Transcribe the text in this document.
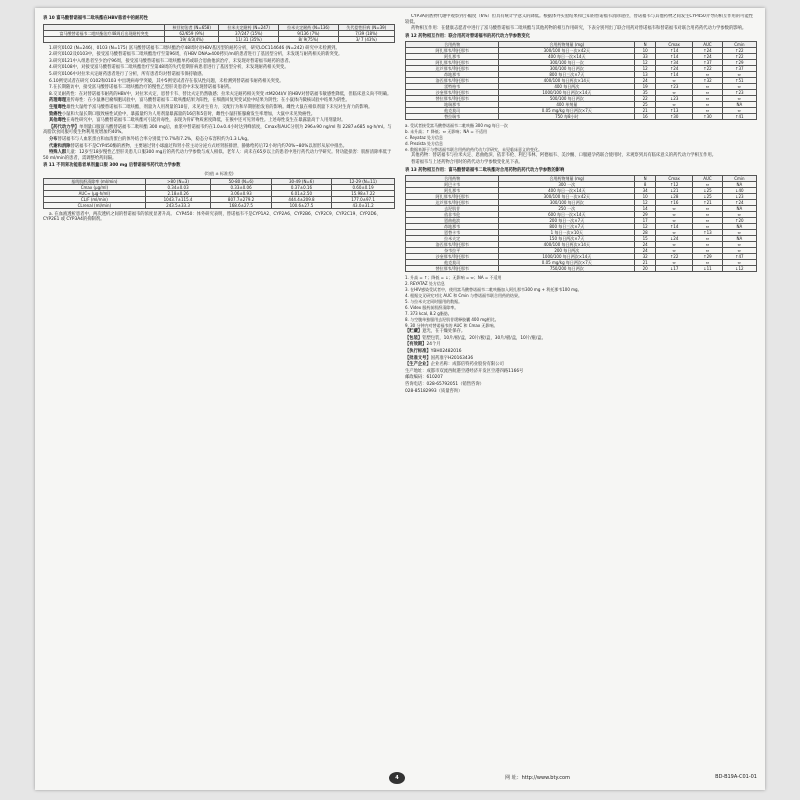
表 10 富马酸替诺福韦二吡呋酯在HBV患者中的耐药性
	核苷初治者 (N=658)	拉米夫定耐药 (N=247)	拉米夫定耐药 (N=136)	失代偿性肝病 (N=39)
富马酸替诺福韦二吡呋酯治疗48周后出现耐药突变	62/659 (9%)	37/247 (15%)	9/136 (7%)	7/39 (18%)
	19/ 4/3(4%)	11/ 31 (35%)	8/ 9(75%)	3/ 7 (43%)
1.研究0102 (N=246)、0103 (N=175) 富马酸替诺福韦二吡呋酯治疗48周时对HBV基因型的耐药分析，研究LOC114646 (N=242) 研究中未检测到。
2.研究0102及0103中，接受富马酸替诺福韦二吡呋酯治疗至第96周，有HBV DNA≥400拷贝/ml的患者进行了基因型分析，未发现与耐药相关的新突变。
3.研究0121中入组患者至少治疗96周，接受富马酸替诺福韦二吡呋酯单药或联合恩曲他滨治疗，未发现对替诺福韦耐药的患者。
4.研究0108中，对接受富马酸替诺福韦二吡呋酯治疗至第48周的失代偿期肝病患者进行了基因型分析，未发现耐药相关突变。
5.研究0106中对拉米夫定耐药患者进行了分析，所有患者均对替诺福韦保持敏感。
6.10例受试者在研究 0102和0103 中出现病毒学突破，其中5例受试者存在依从性问题，未检测到替诺福韦耐药相关突变。
7.在长期随访中，接受富马酸替诺福韦二吡呋酯治疗的慢性乙型肝炎患者中未发现替诺福韦耐药。
8.交叉耐药性：在对替诺福韦耐药的HBV中，对拉米夫定、恩替卡韦、替比夫定仍然敏感；拉米夫定耐药相关突变 rtM204I/V 的HBV对替诺福韦敏感性降低，但临床意义尚不明确。
药理毒理遗传毒性：在小鼠淋巴瘤细胞试验中，富马酸替诺福韦二吡呋酯结果为阳性，在细菌回复突变试验中结果为阴性；在小鼠体内微核试验中结果为阴性。
生殖毒性雄性大鼠给予富马酸替诺福韦二吡呋酯，剂量为人用剂量的10倍，未见对生育力、交配行为和早期胚胎发育的影响。雌性大鼠在相似剂量下未见对生育力的影响。
致癌性小鼠和大鼠长期口服致癌性试验中，暴露量约为人用剂量暴露量的16倍和5倍时，雌性小鼠肝脏腺瘤发生率增加，大鼠中未见致癌性。
其他毒性在毒性研究中，富马酸替诺福韦二吡呋酯可引起骨毒性，表现为骨矿物质密度降低，在猴中还可见肾毒性。上述毒性发生在暴露量高于人用剂量时。
【药代动力学】单剂量口服富马酸替诺福韦二吡呋酯 300 mg后，血浆中替诺福韦约在1.0±0.4小时达到峰浓度，Cmax和AUC分别为 296±90 ng/ml 和 2287±685 ng·h/ml。与高脂饮食同服可使生物利用度增加约40%。
分布替诺福韦与人血浆蛋白和血清蛋白的体外结合率分别低于0.7%和7.2%，稳态分布容积约为1.3 L/kg。
代谢和消除替诺福韦不是CYP450酶的底物，主要通过肾小球滤过和肾小管主动分泌方式经肾脏排泄，静脉给药后72小时内约70%~80%以原形从尿中排出。
特殊人群儿童：12岁至18岁慢性乙型肝炎患儿口服300 mg后的药代动力学参数与成人相似。老年人：尚未在65岁以上的患者中进行药代动力学研究。肾功能损害：肌酐清除率低于50 ml/min的患者，需调整给药间隔。
表 11 不同肾功能患者单剂量口服 300 mg 后替诺福韦药代动力学参数
(均值 ± 标准差)
基线肌酐清除率 (ml/min)	>80 (N=3)	50-80 (N=6)	30-49 (N=6)	12-29 (N=11)
Cmax (μg/ml)	0.34±0.03	0.33±0.06	0.37±0.16	0.60±0.19
AUC∞ (μg·h/ml)	2.18±0.26	3.06±0.93	6.01±2.50	15.98±7.22
CL/F (ml/min)	1043.7±115.4	807.7±279.2	444.4±209.8	177.0±97.1
CLrenal (ml/min)	243.5±33.3	168.6±27.5	100.6±27.5	43.0±31.2
a. 在血液透析患者中，两次透析之间的替诺福韦的浓度显著升高。 CYP450：体外研究表明，替诺福韦不是CYP1A2、CYP2A6、CYP2B6、CYP2C9、CYP2C19、CYP2D6、CYP2E1 或 CYP3A4的抑制剂。
CYP3A的底物代谢中观察到小幅度（6%）但具有统计学意义的降低。根据体外实验结果和已知的替诺福韦消除途径，替诺福韦与其他药物之间发生CYP450介导的相互作用的可能性较低。
药物相互作用：在健康志愿者中进行了富马酸替诺福韦二吡呋酯与其他药物的相互作用研究，下表分别列出了联合用药对替诺福韦和替诺福韦对联合用药药代动力学参数的影响。
表 12 药物相互作用：联合用药对替诺福韦的药代动力学参数变化
合用药物	合用药物剂量 (mg)	N	Cmax	AUC	Cmin
阿扎那韦/利托那韦	300/100 每日一次×42天	10	↑14	↑24	↑22
阿扎那韦	400 每日一次×14天	33	↑14	↑24	↑22
阿扎那韦/利托那韦	300/100 每日一次	12	↑34	↑37	↑29
达芦那韦/利托那韦	300/100 每日两次	12	↑24	↑22	↑37
茚地那韦	800 每日三次×7天	13	↑14	⇔	⇔
洛匹那韦/利托那韦	400/100 每日两次×14天	24	⇔	↑32	↑51
雷特格韦	400 每日两次	19	↑23	⇔	⇔
沙奎那韦/利托那韦	1000/100 每日两次×14天	35	⇔	⇔	↑23
替拉那韦/利托那韦	500/100 每日两次	22	↓23	⇔	⇔
地瑞那韦	400 单剂量	25	⇔	⇔	NA
他克莫司	0.05 mg/kg 每日两次×7天	21	↑13	⇔	⇔
替拉瑞韦	750 每8小时	16	↑30	↑30	↑41
a. 受试者接受富马酸替诺福韦二吡呋酯 300 mg 每日一次
b. 未升高；↑ 降低；⇔ 无影响；NA = 不适用
c. Reyataz 处方信息
d. Prezista 处方信息
e. 数据来源于与替诺福韦联合用药的药代动力学研究，未见临床意义的变化。
其他药物：替诺福韦与拉米夫定、恩曲他滨、依非韦伦、利巴韦林、阿德福韦、美沙酮、口服避孕药联合使用时，未观察到具有临床意义的药代动力学相互作用。
替诺福韦与上述药物合用时的药代动力学参数变化见下表。
表 13 药物相互作用：富马酸替诺福韦二吡呋酯对合用药物的药代动力学参数的影响
合用药物	合用药物剂量 (mg)	N	Cmax	AUC	Cmin
阿巴卡韦	300 一次	8	↑12	⇔	NA
阿扎那韦	400 每日一次×14天	34	↓21	↓25	↓40
阿扎那韦/利托那韦	300/100 每日一次×42天	10	↓28	↓25	↓23
达芦那韦/利托那韦	300/100 每日两次	12	↑16	↑21	↑24
去羟肌苷	250 一次	14	⇔	⇔	NA
依非韦伦	600 每日一次×14天	29	⇔	⇔	⇔
恩曲他滨	200 每日一次×7天	17	⇔	⇔	↑20
茚地那韦	800 每日三次×7天	12	↑14	⇔	NA
恩替卡韦	1 每日一次×10天	28	⇔	↑13	⇔
拉米夫定	150 每日两次×7天	15	↓24	⇔	NA
洛匹那韦/利托那韦	400/100 每日两次×14天	24	⇔	⇔	⇔
奈韦拉平	200 每日两次	24	⇔	⇔	⇔
沙奎那韦/利托那韦	1000/100 每日两次×14天	32	↑22	↑29	↑47
他克莫司	0.05 mg/kg 每日两次×7天	21	⇔	⇔	⇔
替拉那韦/利托那韦	750/200 每日两次	20	↓17	↓11	↓12
1. 升高 = ↑；降低 = ↓；无影响 = ⇔；NA = 不适用
2. REYATAZ 处方信息
3. 在HIV感染受试者中，使用富马酸替诺福韦二吡呋酯加入阿扎那韦300 mg + 利托那韦100 mg。
4. 根据交叉研究对比 AUC 和 Cmin 与替诺福韦联合用药的结果。
5. 与拉米夫定同时服用的数据。
6. Videx 服药前肌酐清除率。
7. 373 kcal, 8.2 g脂肪。
8. 与空腹单独服用去羟肌苷缓释胶囊 400 mg相比。
9. 30 分钟内对替诺福韦的 AUC 和 Cmax 无影响。
【贮藏】遮光，在干燥处保存。
【包装】铝塑包装，10片/板/盒，20片/板/盒，30片/板/盒，10片/瓶/盒。
【有效期】24个月
【执行标准】YBH02482016
【批准文号】国药准字H20163436
【生产企业】企业名称：成都倍特药业股份有限公司
生产地址：成都市双流西航港空港经济开发区空港四路1166号
邮政编码：610207
咨询电话：028-65792051（销售咨询）
028-85182993（质量咨询）
4	网 址：http://www.bty.com	BD-B19A-C01-01
